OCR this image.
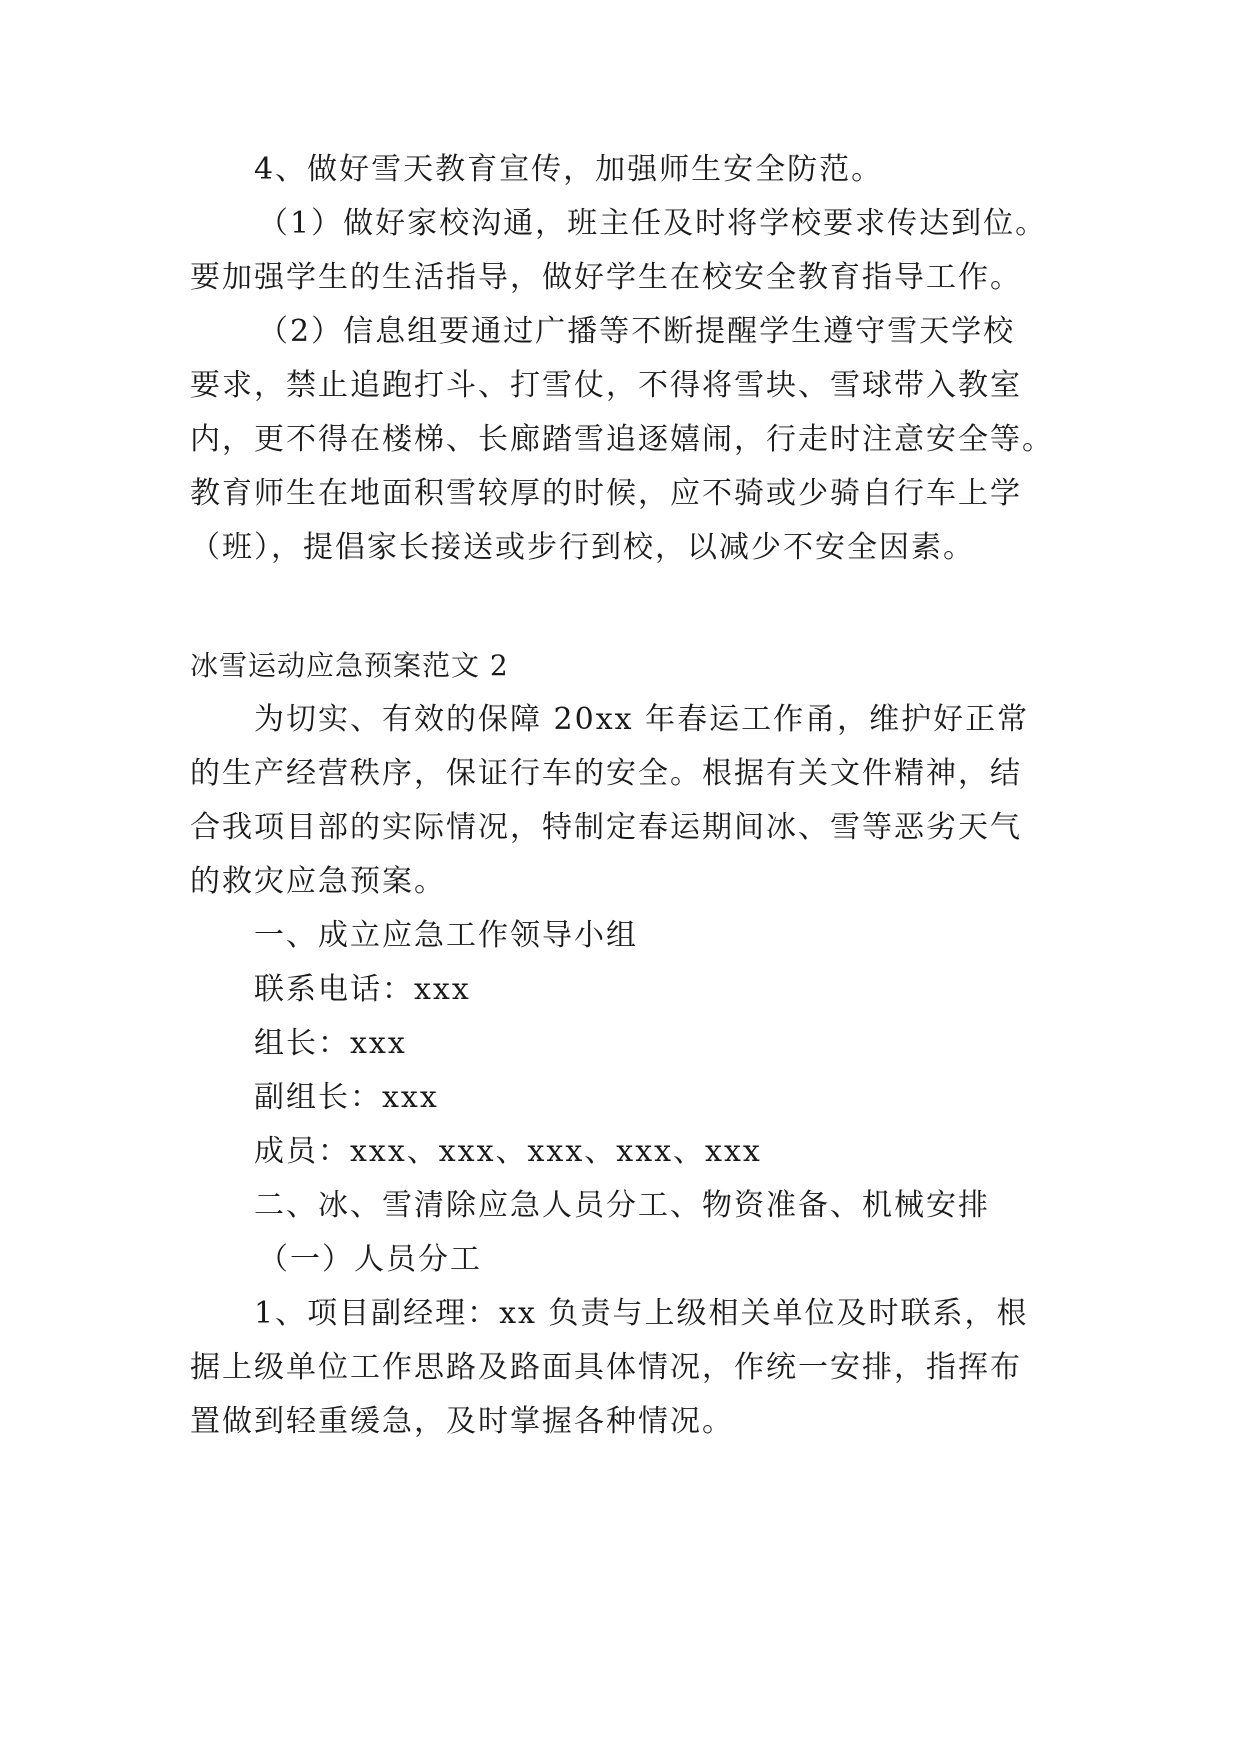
4、做好雪天教育宣传，加强师生安全防范。
（1）做好家校沟通，班主任及时将学校要求传达到位。
要加强学生的生活指导，做好学生在校安全教育指导工作。
（2）信息组要通过广播等不断提醒学生遵守雪天学校
要求，禁止追跑打斗、打雪仗，不得将雪块、雪球带入教室
内，更不得在楼梯、长廊踏雪追逐嬉闹，行走时注意安全等。
教育师生在地面积雪较厚的时候，应不骑或少骑自行车上学
（班），提倡家长接送或步行到校，以减少不安全因素。
冰雪运动应急预案范文 2
为切实、有效的保障 20xx 年春运工作甬，维护好正常
的生产经营秩序，保证行车的安全。根据有关文件精神，结
合我项目部的实际情况，特制定春运期间冰、雪等恶劣天气
的救灾应急预案。
一、成立应急工作领导小组
联系电话：xxx
组长：xxx
副组长：xxx
成员：xxx、xxx、xxx、xxx、xxx
二、冰、雪清除应急人员分工、物资准备、机械安排
（一）人员分工
1、项目副经理：xx 负责与上级相关单位及时联系，根
据上级单位工作思路及路面具体情况，作统一安排，指挥布
置做到轻重缓急，及时掌握各种情况。
